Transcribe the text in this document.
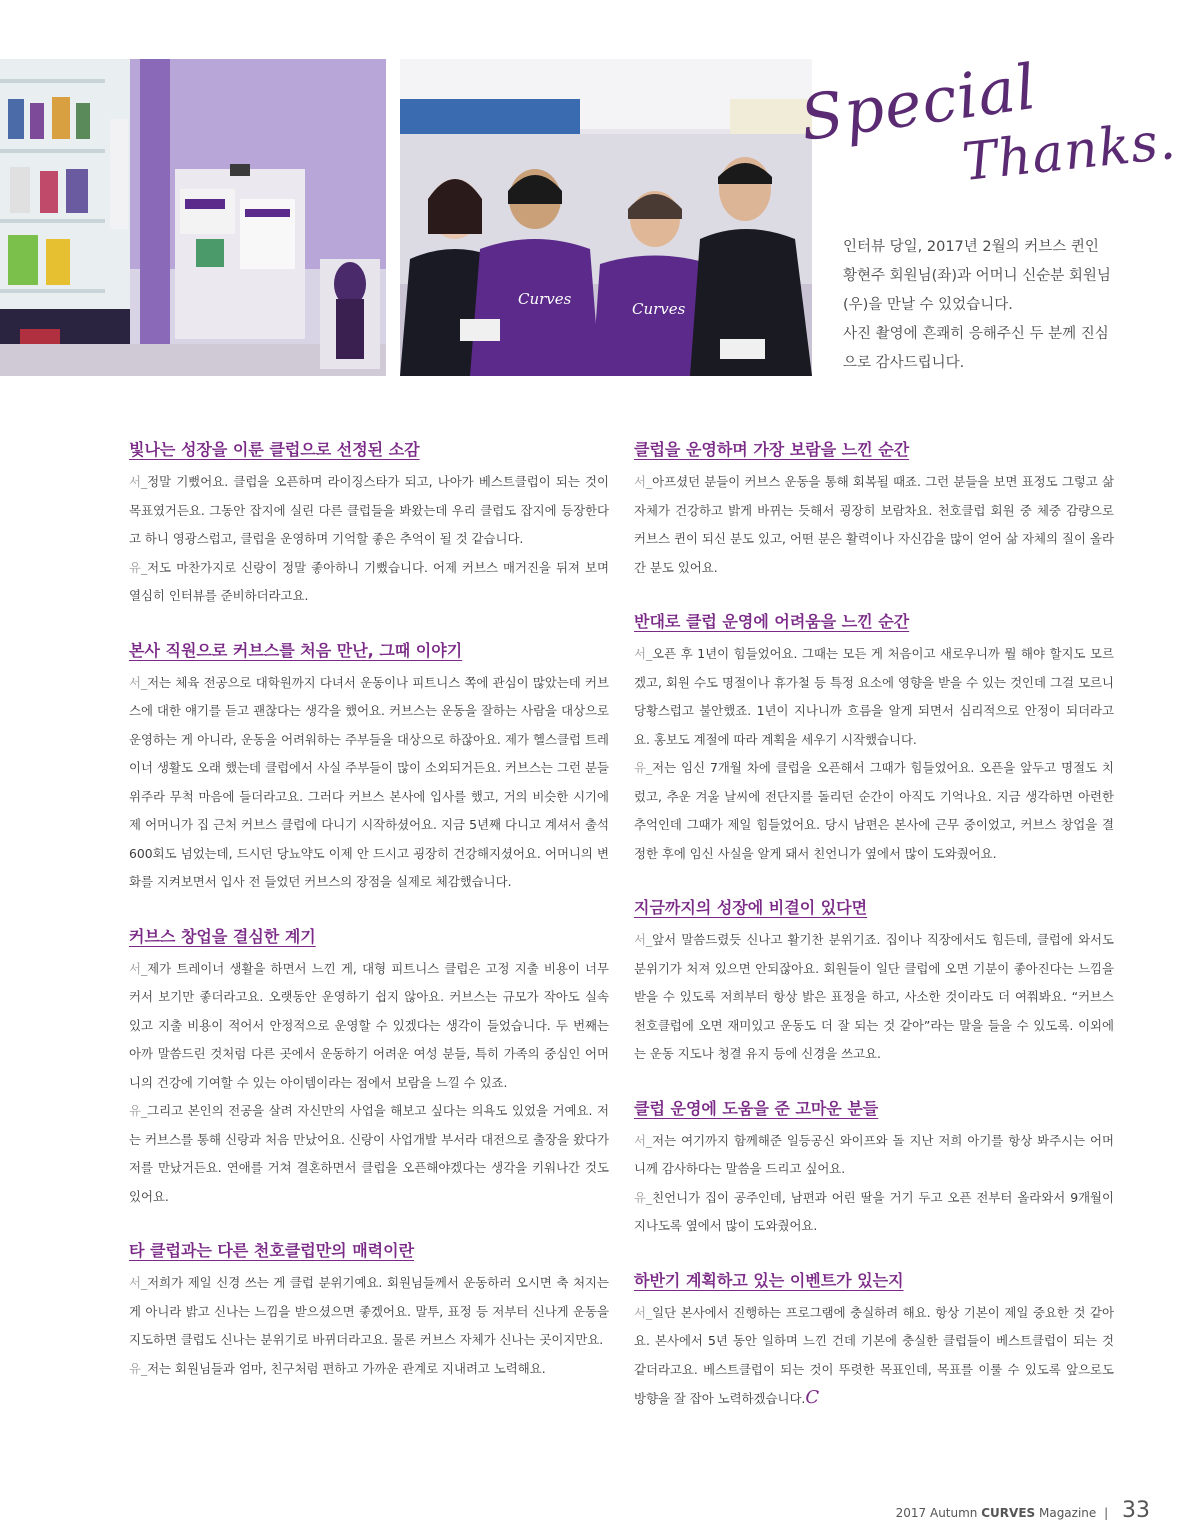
Curves
Curves
Special
Thanks.

인터뷰 당일, 2017년 2월의 커브스 퀸인

황현주 회원님(좌)과 어머니 신순분 회원님

(우)을 만날 수 있었습니다.

사진 촬영에 흔쾌히 응해주신 두 분께 진심

으로 감사드립니다.

빛나는 성장을 이룬 클럽으로 선정된 소감

서_정말 기뻤어요. 클럽을 오픈하며 라이징스타가 되고, 나아가 베스트클럽이 되는 것이 목표였거든요. 그동안 잡지에 실린 다른 클럽들을 봐왔는데 우리 클럽도 잡지에 등장한다고 하니 영광스럽고, 클럽을 운영하며 기억할 좋은 추억이 될 것 같습니다.

유_저도 마찬가지로 신랑이 정말 좋아하니 기뻤습니다. 어제 커브스 매거진을 뒤져 보며 열심히 인터뷰를 준비하더라고요.

본사 직원으로 커브스를 처음 만난, 그때 이야기

서_저는 체육 전공으로 대학원까지 다녀서 운동이나 피트니스 쪽에 관심이 많았는데 커브스에 대한 얘기를 듣고 괜찮다는 생각을 했어요. 커브스는 운동을 잘하는 사람을 대상으로 운영하는 게 아니라, 운동을 어려워하는 주부들을 대상으로 하잖아요. 제가 헬스클럽 트레이너 생활도 오래 했는데 클럽에서 사실 주부들이 많이 소외되거든요. 커브스는 그런 분들 위주라 무척 마음에 들더라고요. 그러다 커브스 본사에 입사를 했고, 거의 비슷한 시기에 제 어머니가 집 근처 커브스 클럽에 다니기 시작하셨어요. 지금 5년째 다니고 계셔서 출석 600회도 넘었는데, 드시던 당뇨약도 이제 안 드시고 굉장히 건강해지셨어요. 어머니의 변화를 지켜보면서 입사 전 들었던 커브스의 장점을 실제로 체감했습니다.

커브스 창업을 결심한 계기

서_제가 트레이너 생활을 하면서 느낀 게, 대형 피트니스 클럽은 고정 지출 비용이 너무 커서 보기만 좋더라고요. 오랫동안 운영하기 쉽지 않아요. 커브스는 규모가 작아도 실속 있고 지출 비용이 적어서 안정적으로 운영할 수 있겠다는 생각이 들었습니다. 두 번째는 아까 말씀드린 것처럼 다른 곳에서 운동하기 어려운 여성 분들, 특히 가족의 중심인 어머니의 건강에 기여할 수 있는 아이템이라는 점에서 보람을 느낄 수 있죠.

유_그리고 본인의 전공을 살려 자신만의 사업을 해보고 싶다는 의욕도 있었을 거예요. 저는 커브스를 통해 신랑과 처음 만났어요. 신랑이 사업개발 부서라 대전으로 출장을 왔다가 저를 만났거든요. 연애를 거쳐 결혼하면서 클럽을 오픈해야겠다는 생각을 키워나간 것도 있어요.

타 클럽과는 다른 천호클럽만의 매력이란

서_저희가 제일 신경 쓰는 게 클럽 분위기예요. 회원님들께서 운동하러 오시면 축 처지는 게 아니라 밝고 신나는 느낌을 받으셨으면 좋겠어요. 말투, 표정 등 저부터 신나게 운동을 지도하면 클럽도 신나는 분위기로 바뀌더라고요. 물론 커브스 자체가 신나는 곳이지만요.

유_저는 회원님들과 엄마, 친구처럼 편하고 가까운 관계로 지내려고 노력해요.

클럽을 운영하며 가장 보람을 느낀 순간

서_아프셨던 분들이 커브스 운동을 통해 회복될 때죠. 그런 분들을 보면 표정도 그렇고 삶 자체가 건강하고 밝게 바뀌는 듯해서 굉장히 보람차요. 천호클럽 회원 중 체중 감량으로 커브스 퀸이 되신 분도 있고, 어떤 분은 활력이나 자신감을 많이 얻어 삶 자체의 질이 올라간 분도 있어요.

반대로 클럽 운영에 어려움을 느낀 순간

서_오픈 후 1년이 힘들었어요. 그때는 모든 게 처음이고 새로우니까 뭘 해야 할지도 모르겠고, 회원 수도 명절이나 휴가철 등 특정 요소에 영향을 받을 수 있는 것인데 그걸 모르니 당황스럽고 불안했죠. 1년이 지나니까 흐름을 알게 되면서 심리적으로 안정이 되더라고요. 홍보도 계절에 따라 계획을 세우기 시작했습니다.

유_저는 임신 7개월 차에 클럽을 오픈해서 그때가 힘들었어요. 오픈을 앞두고 명절도 치렀고, 추운 겨울 날씨에 전단지를 돌리던 순간이 아직도 기억나요. 지금 생각하면 아련한 추억인데 그때가 제일 힘들었어요. 당시 남편은 본사에 근무 중이었고, 커브스 창업을 결정한 후에 임신 사실을 알게 돼서 친언니가 옆에서 많이 도와줬어요.

지금까지의 성장에 비결이 있다면

서_앞서 말씀드렸듯 신나고 활기찬 분위기죠. 집이나 직장에서도 힘든데, 클럽에 와서도 분위기가 처져 있으면 안되잖아요. 회원들이 일단 클럽에 오면 기분이 좋아진다는 느낌을 받을 수 있도록 저희부터 항상 밝은 표정을 하고, 사소한 것이라도 더 여쭤봐요. “커브스 천호클럽에 오면 재미있고 운동도 더 잘 되는 것 같아”라는 말을 들을 수 있도록. 이외에는 운동 지도나 청결 유지 등에 신경을 쓰고요.

클럽 운영에 도움을 준 고마운 분들

서_저는 여기까지 함께해준 일등공신 와이프와 돌 지난 저희 아기를 항상 봐주시는 어머니께 감사하다는 말씀을 드리고 싶어요.

유_친언니가 집이 공주인데, 남편과 어린 딸을 거기 두고 오픈 전부터 올라와서 9개월이 지나도록 옆에서 많이 도와줬어요.

하반기 계획하고 있는 이벤트가 있는지

서_일단 본사에서 진행하는 프로그램에 충실하려 해요. 항상 기본이 제일 중요한 것 같아요. 본사에서 5년 동안 일하며 느낀 건데 기본에 충실한 클럽들이 베스트클럽이 되는 것 같더라고요. 베스트클럽이 되는 것이 뚜렷한 목표인데, 목표를 이룰 수 있도록 앞으로도 방향을 잘 잡아 노력하겠습니다.C

2017 Autumn CURVES Magazine | 33
